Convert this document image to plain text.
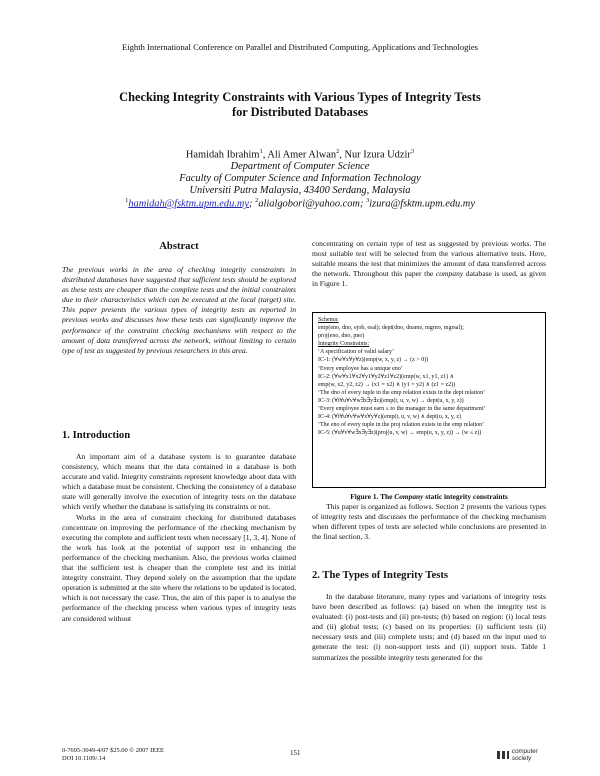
Eighth International Conference on Parallel and Distributed Computing, Applications and Technologies
Checking Integrity Constraints with Various Types of Integrity Tests
for Distributed Databases
Hamidah Ibrahim$^1$, Ali Amer Alwan$^2$, Nur Izura Udzir$^3$
Department of Computer Science
Faculty of Computer Science and Information Technology
Universiti Putra Malaysia, 43400 Serdang, Malaysia
$^1$hamidah@fsktm.upm.edu.my; $^2$alialgobori@yahoo.com; $^3$izura@fsktm.upm.edu.my
Abstract
The previous works in the area of checking integrity constraints in distributed databases have suggested that sufficient tests should be explored as these tests are cheaper than the complete tests and the initial constraints due to their characteristics which can be executed at the local (target) site. This paper presents the various types of integrity tests as reported in previous works and discusses how these tests can significantly improve the performance of the constraint checking mechanisms with respect to the amount of data transferred across the network, without limiting to certain type of test as suggested by previous researchers in this area.
1. Introduction
An important aim of a database system is to guarantee database consistency, which means that the data contained in a database is both accurate and valid. Integrity constraints represent knowledge about data with which a database must be consistent. Checking the consistency of a database state will generally involve the execution of integrity tests on the database which verify whether the database is satisfying its constraints or not.
Works in the area of constraint checking for distributed databases concentrate on improving the performance of the checking mechanism by executing the complete and sufficient tests when necessary [1, 3, 4]. None of the work has look at the potential of support test in enhancing the performance of the checking mechanism. Also, the previous works claimed that the sufficient test is cheaper than the complete test and its initial integrity constraint. They depend solely on the assumption that the update operation is submitted at the site where the relations to be updated is located, which is not necessary the case. Thus, the aim of this paper is to analyse the performance of the checking process when various types of integrity tests are considered without
concentrating on certain type of test as suggested by previous works. The most suitable test will be selected from the various alternative tests. Here, suitable means the test that minimizes the amount of data transferred across the network. Throughout this paper the company database is used, as given in Figure 1.
Schema:
emp(eno, dno, ejob, esal); dept(dno, dname, mgrno, mgrsal);
proj(eno, dno, pno)
Integrity Constraints:
‘A specification of valid salary’
IC-1: (∀w∀x∀y∀z)(emp(w, x, y, z) → (z > 0))
‘Every employee has a unique eno’
IC-2: (∀w∀x1∀x2∀y1∀y2∀z1∀z2)(emp(w, x1, y1, z1) ∧
emp(w, x2, y2, z2) → (x1 = x2) ∧ (y1 = y2) ∧ (z1 = z2))
‘The dno of every tuple in the emp relation exists in the dept relation’
IC-3: (∀t∀u∀v∀w∃x∃y∃z)(emp(t, u, v, w) → dept(u, x, y, z))
‘Every employee must earn ≤ to the manager in the same department’
IC-4: (∀t∀u∀v∀w∀x∀y∀z)(emp(t, u, v, w) ∧ dept(u, x, y, z)
‘The eno of every tuple in the proj relation exists in the emp relation’
IC-5: (∀u∀v∀w∃x∃y∃z)(proj(u, v, w) → emp(u, x, y, z)) → (w ≤ z))
Figure 1. The Company static integrity constraints
This paper is organized as follows. Section 2 presents the various types of integrity tests and discusses the performance of the checking mechanism when different types of tests are selected while conclusions are presented in the final section, 3.
2. The Types of Integrity Tests
In the database literature, many types and variations of integrity tests have been described as follows: (a) based on when the integrity test is evaluated: (i) post-tests and (ii) pre-tests; (b) based on region: (i) local tests and (ii) global tests; (c) based on its properties: (i) sufficient tests (ii) necessary tests and (iii) complete tests; and (d) based on the input used to generate the test: (i) non-support tests and (ii) support tests. Table 1 summarizes the possible integrity tests generated for the
0-7695-3049-4/07 $25.00 © 2007 IEEE
DOI 10.1109/.14
151	computer
society
